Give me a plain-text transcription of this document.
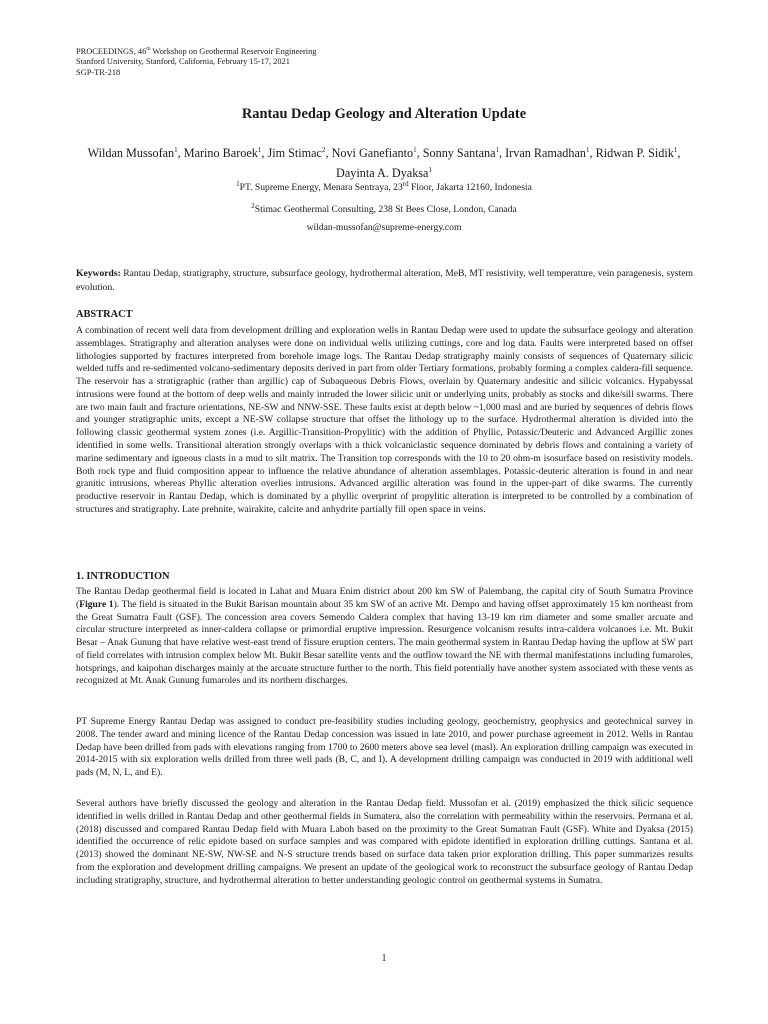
PROCEEDINGS, 46th Workshop on Geothermal Reservoir Engineering
Stanford University, Stanford, California, February 15-17, 2021
SGP-TR-218
Rantau Dedap Geology and Alteration Update
Wildan Mussofan$^1$, Marino Baroek$^1$, Jim Stimac$^2$, Novi Ganefianto$^1$, Sonny Santana$^1$, Irvan Ramadhan$^1$, Ridwan P. Sidik$^1$,
Dayinta A. Dyaksa$^1$
$^1$PT. Supreme Energy, Menara Sentraya, 23rd Floor, Jakarta 12160, Indonesia
$^2$Stimac Geothermal Consulting, 238 St Bees Close, London, Canada
wildan-mussofan@supreme-energy.com
Keywords: Rantau Dedap, stratigraphy, structure, subsurface geology, hydrothermal alteration, MeB, MT resistivity, well temperature, vein paragenesis, system evolution.
ABSTRACT

A combination of recent well data from development drilling and exploration wells in Rantau Dedap were used to update the subsurface geology and alteration assemblages. Stratigraphy and alteration analyses were done on individual wells utilizing cuttings, core and log data. Faults were interpreted based on offset lithologies supported by fractures interpreted from borehole image logs. The Rantau Dedap stratigraphy mainly consists of sequences of Quaternary silicic welded tuffs and re-sedimented volcano-sedimentary deposits derived in part from older Tertiary formations, probably forming a complex caldera-fill sequence. The reservoir has a stratigraphic (rather than argillic) cap of Subaqueous Debris Flows, overlain by Quaternary andesitic and silicic volcanics. Hypabyssal intrusions were found at the bottom of deep wells and mainly intruded the lower silicic unit or underlying units, probably as stocks and dike/sill swarms. There are two main fault and fracture orientations, NE-SW and NNW-SSE. These faults exist at depth below ~1,000 masl and are buried by sequences of debris flows and younger stratigraphic units, except a NE-SW collapse structure that offset the lithology up to the surface. Hydrothermal alteration is divided into the following classic geothermal system zones (i.e. Argillic-Transition-Propylitic) with the addition of Phyllic, Potassic/Deuteric and Advanced Argillic zones identified in some wells. Transitional alteration strongly overlaps with a thick volcaniclastic sequence dominated by debris flows and containing a variety of marine sedimentary and igneous clasts in a mud to silt matrix. The Transition top corresponds with the 10 to 20 ohm-m isosurface based on resistivity models. Both rock type and fluid composition appear to influence the relative abundance of alteration assemblages. Potassic-deuteric alteration is found in and near granitic intrusions, whereas Phyllic alteration overlies intrusions. Advanced argillic alteration was found in the upper-part of dike swarms. The currently productive reservoir in Rantau Dedap, which is dominated by a phyllic overprint of propylitic alteration is interpreted to be controlled by a combination of structures and stratigraphy. Late prehnite, wairakite, calcite and anhydrite partially fill open space in veins.

1. INTRODUCTION

The Rantau Dedap geothermal field is located in Lahat and Muara Enim district about 200 km SW of Palembang, the capital city of South Sumatra Province (Figure 1). The field is situated in the Bukit Barisan mountain about 35 km SW of an active Mt. Dempo and having offset approximately 15 km northeast from the Great Sumatra Fault (GSF). The concession area covers Semendo Caldera complex that having 13-19 km rim diameter and some smaller arcuate and circular structure interpreted as inner-caldera collapse or primordial eruptive impression. Resurgence volcanism results intra-caldera volcanoes i.e. Mt. Bukit Besar – Anak Gunung that have relative west-east trend of fissure eruption centers. The main geothermal system in Rantau Dedap having the upflow at SW part of field correlates with intrusion complex below Mt. Bukit Besar satellite vents and the outflow toward the NE with thermal manifestations including fumaroles, hotsprings, and kaipohan discharges mainly at the arcuate structure further to the north. This field potentially have another system associated with these vents as recognized at Mt. Anak Gunung fumaroles and its northern discharges.

PT Supreme Energy Rantau Dedap was assigned to conduct pre-feasibility studies including geology, geochemistry, geophysics and geotechnical survey in 2008. The tender award and mining licence of the Rantau Dedap concession was issued in late 2010, and power purchase agreement in 2012. Wells in Rantau Dedap have been drilled from pads with elevations ranging from 1700 to 2600 meters above sea level (masl). An exploration drilling campaign was executed in 2014-2015 with six exploration wells drilled from three well pads (B, C, and I). A development drilling campaign was conducted in 2019 with additional well pads (M, N, L, and E).

Several authors have briefly discussed the geology and alteration in the Rantau Dedap field. Mussofan et al. (2019) emphasized the thick silicic sequence identified in wells drilled in Rantau Dedap and other geothermal fields in Sumatera, also the correlation with permeability within the reservoirs. Permana et al. (2018) discussed and compared Rantau Dedap field with Muara Laboh based on the proximity to the Great Sumatran Fault (GSF). White and Dyaksa (2015) identified the occurrence of relic epidote based on surface samples and was compared with epidote identified in exploration drilling cuttings. Santana et al. (2013) showed the dominant NE-SW, NW-SE and N-S structure trends based on surface data taken prior exploration drilling. This paper summarizes results from the exploration and development drilling campaigns. We present an update of the geological work to reconstruct the subsurface geology of Rantau Dedap including stratigraphy, structure, and hydrothermal alteration to better understanding geologic control on geothermal systems in Sumatra.

1
